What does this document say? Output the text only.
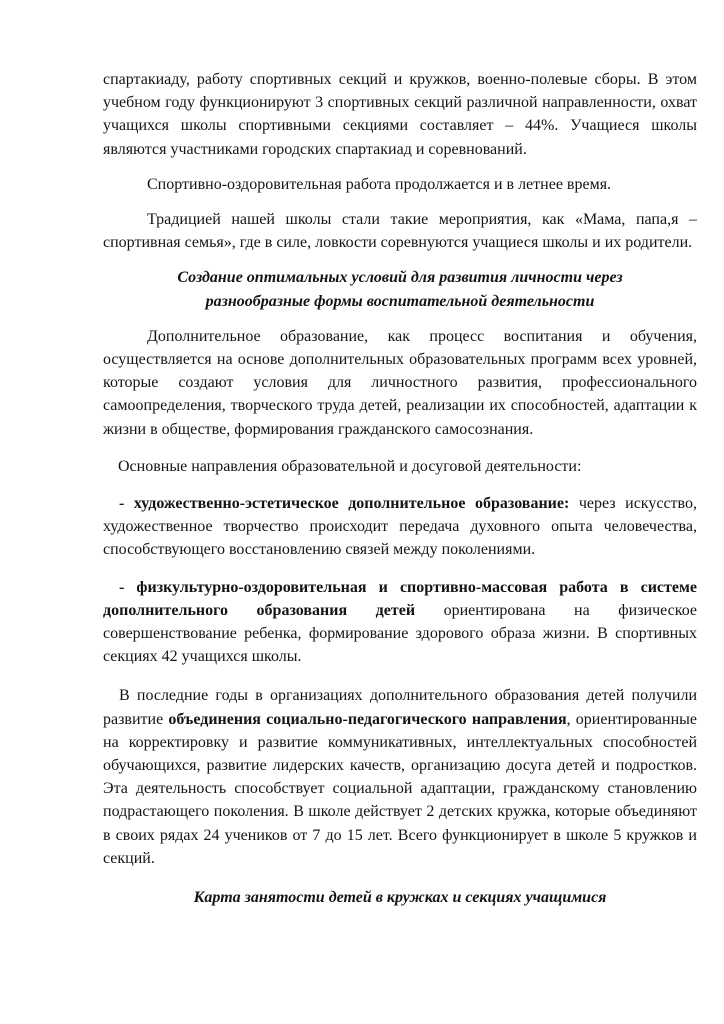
спартакиаду, работу спортивных секций и кружков, военно-полевые сборы. В этом учебном году функционируют 3 спортивных секций различной направленности, охват учащихся школы спортивными секциями составляет – 44%. Учащиеся школы являются участниками городских спартакиад и соревнований.

Спортивно-оздоровительная работа продолжается и в летнее время.

Традицией нашей школы стали такие мероприятия, как «Мама, папа,я – спортивная семья», где в силе, ловкости соревнуются учащиеся школы и их родители.

Создание оптимальных условий для развития личности через

разнообразные формы воспитательной деятельности

Дополнительное образование, как процесс воспитания и обучения, осуществляется на основе дополнительных образовательных программ всех уровней, которые создают условия для личностного развития, профессионального самоопределения, творческого труда детей, реализации их способностей, адаптации к жизни в обществе, формирования гражданского самосознания.

Основные направления образовательной и досуговой деятельности:

- художественно-эстетическое дополнительное образование: через искусство, художественное творчество происходит передача духовного опыта человечества, способствующего восстановлению связей между поколениями.

- физкультурно-оздоровительная и спортивно-массовая работа в системе дополнительного образования детей ориентирована на физическое совершенствование ребенка, формирование здорового образа жизни. В спортивных секциях 42 учащихся школы.

В последние годы в организациях дополнительного образования детей получили развитие объединения социально-педагогического направления, ориентированные на корректировку и развитие коммуникативных, интеллектуальных способностей обучающихся, развитие лидерских качеств, организацию досуга детей и подростков. Эта деятельность способствует социальной адаптации, гражданскому становлению подрастающего поколения. В школе действует 2 детских кружка, которые объединяют в своих рядах 24 учеников от 7 до 15 лет. Всего функционирует в школе 5 кружков и секций.

Карта занятости детей в кружках и секциях учащимися
